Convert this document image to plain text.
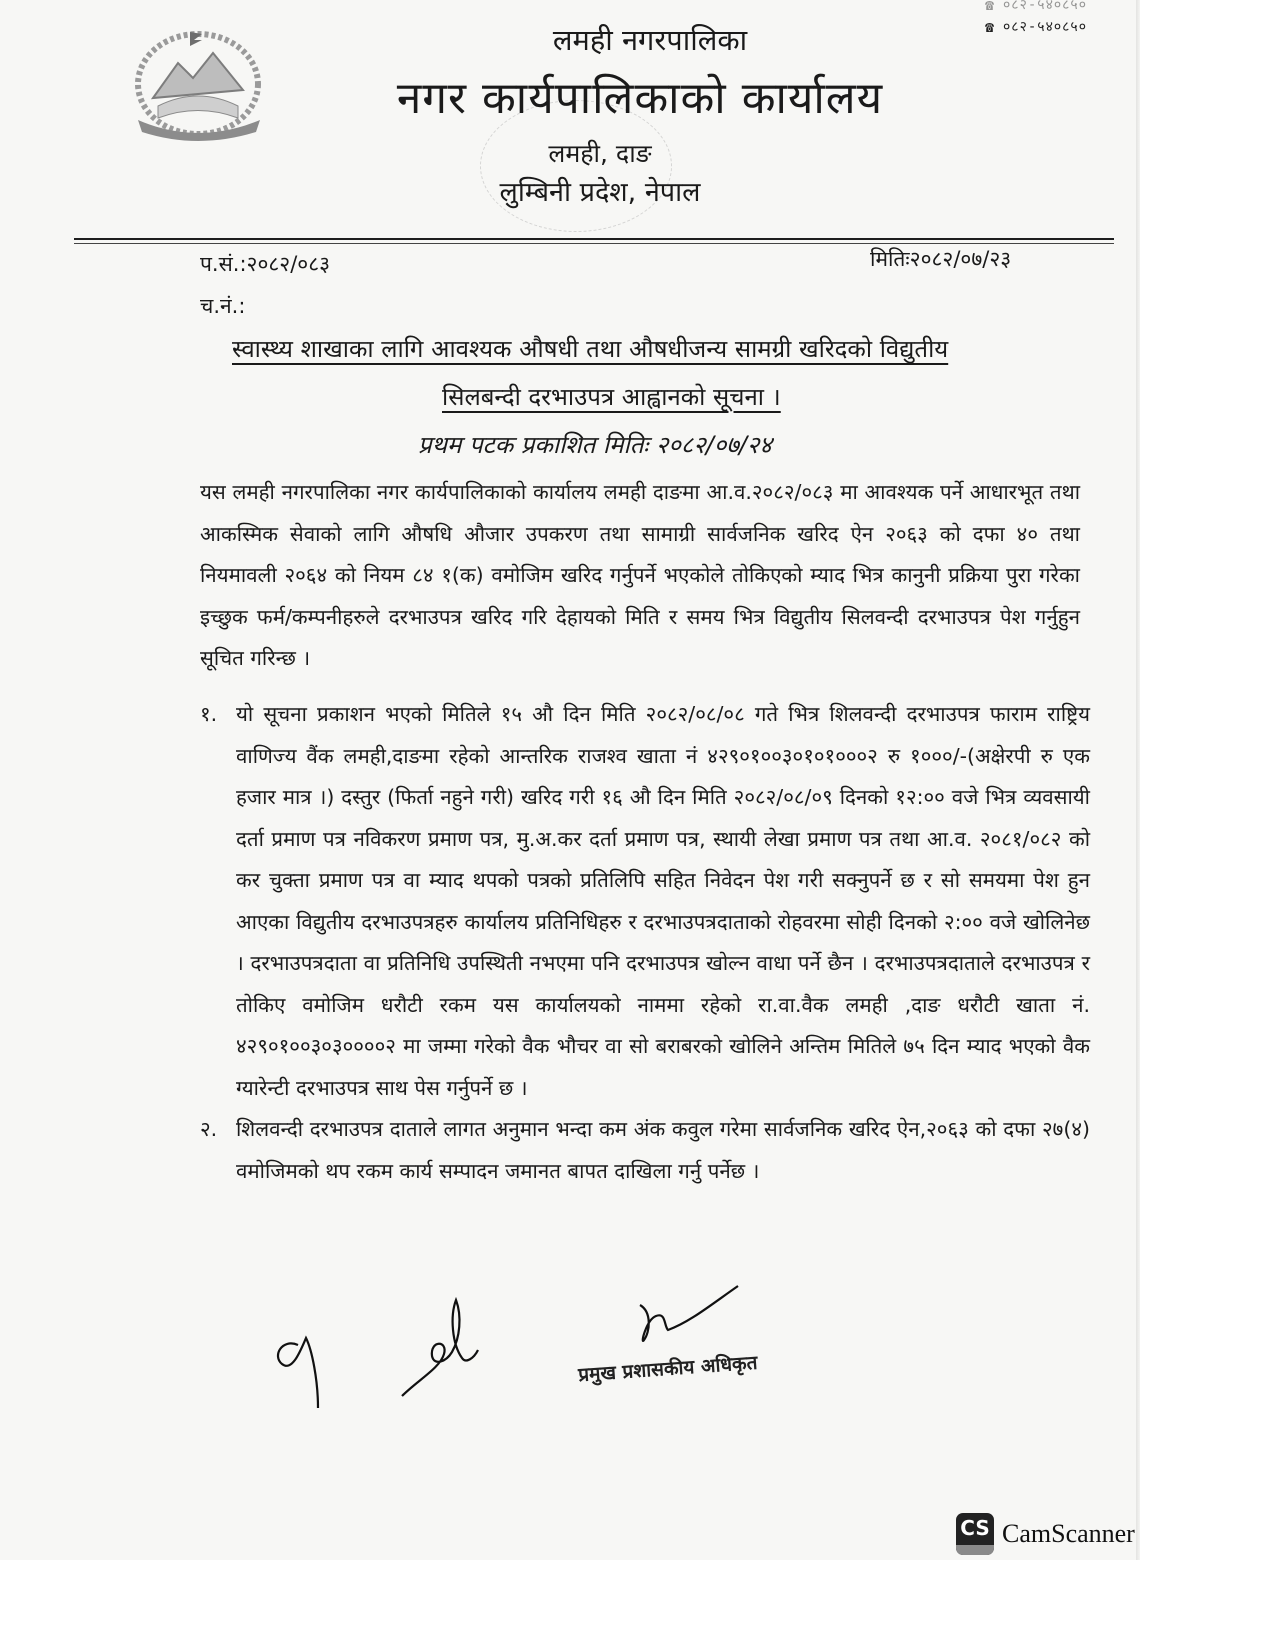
☎ ०८२-५४०८५०
☎ ०८२-५४०८५०
लमही नगरपालिका
नगर कार्यपालिकाको कार्यालय
लमही, दाङ
लुम्बिनी प्रदेश, नेपाल
प.सं.:२०८२/०८३	मितिः२०८२/०७/२३
च.नं.:
स्वास्थ्य शाखाका लागि आवश्यक औषधी तथा औषधीजन्य सामग्री खरिदको विद्युतीय
सिलबन्दी दरभाउपत्र आह्वानको सूचना ।
प्रथम पटक प्रकाशित मितिः २०८२/०७/२४
यस लमही नगरपालिका नगर कार्यपालिकाको कार्यालय लमही दाङमा आ.व.२०८२/०८३ मा आवश्यक पर्ने आधारभूत तथा आकस्मिक सेवाको लागि औषधि औजार उपकरण तथा सामाग्री सार्वजनिक खरिद ऐन २०६३ को दफा ४० तथा नियमावली २०६४ को नियम ८४ १(क) वमोजिम खरिद गर्नुपर्ने भएकोले तोकिएको म्याद भित्र कानुनी प्रक्रिया पुरा गरेका इच्छुक फर्म/कम्पनीहरुले दरभाउपत्र खरिद गरि देहायको मिति र समय भित्र विद्युतीय सिलवन्दी दरभाउपत्र पेश गर्नुहुन सूचित गरिन्छ ।
१. यो सूचना प्रकाशन भएको मितिले १५ औ दिन मिति २०८२/०८/०८ गते भित्र शिलवन्दी दरभाउपत्र फाराम राष्ट्रिय वाणिज्य वैंक लमही,दाङमा रहेको आन्तरिक राजश्व खाता नं ४२९०१००३०१०१०००२ रु १०००/-(अक्षेरपी रु एक हजार मात्र ।) दस्तुर (फिर्ता नहुने गरी) खरिद गरी १६ औ दिन मिति २०८२/०८/०९ दिनको १२:०० वजे भित्र व्यवसायी दर्ता प्रमाण पत्र नविकरण प्रमाण पत्र, मु.अ.कर दर्ता प्रमाण पत्र, स्थायी लेखा प्रमाण पत्र तथा आ.व. २०८१/०८२ को कर चुक्ता प्रमाण पत्र वा म्याद थपको पत्रको प्रतिलिपि सहित निवेदन पेश गरी सक्नुपर्ने छ र सो समयमा पेश हुन आएका विद्युतीय दरभाउपत्रहरु कार्यालय प्रतिनिधिहरु र दरभाउपत्रदाताको रोहवरमा सोही दिनको २:०० वजे खोलिनेछ । दरभाउपत्रदाता वा प्रतिनिधि उपस्थिती नभएमा पनि दरभाउपत्र खोल्न वाधा पर्ने छैन । दरभाउपत्रदाताले दरभाउपत्र र तोकिए वमोजिम धरौटी रकम यस कार्यालयको नाममा रहेको रा.वा.वैक लमही ,दाङ धरौटी खाता नं. ४२९०१००३०३००००२ मा जम्मा गरेको वैक भौचर वा सो बराबरको खोलिने अन्तिम मितिले ७५ दिन म्याद भएको वैक ग्यारेन्टी दरभाउपत्र साथ पेस गर्नुपर्ने छ ।
२. शिलवन्दी दरभाउपत्र दाताले लागत अनुमान भन्दा कम अंक कवुल गरेमा सार्वजनिक खरिद ऐन,२०६३ को दफा २७(४) वमोजिमको थप रकम कार्य सम्पादन जमानत बापत दाखिला गर्नु पर्नेछ ।
प्रमुख प्रशासकीय अधिकृत
CS CamScanner
